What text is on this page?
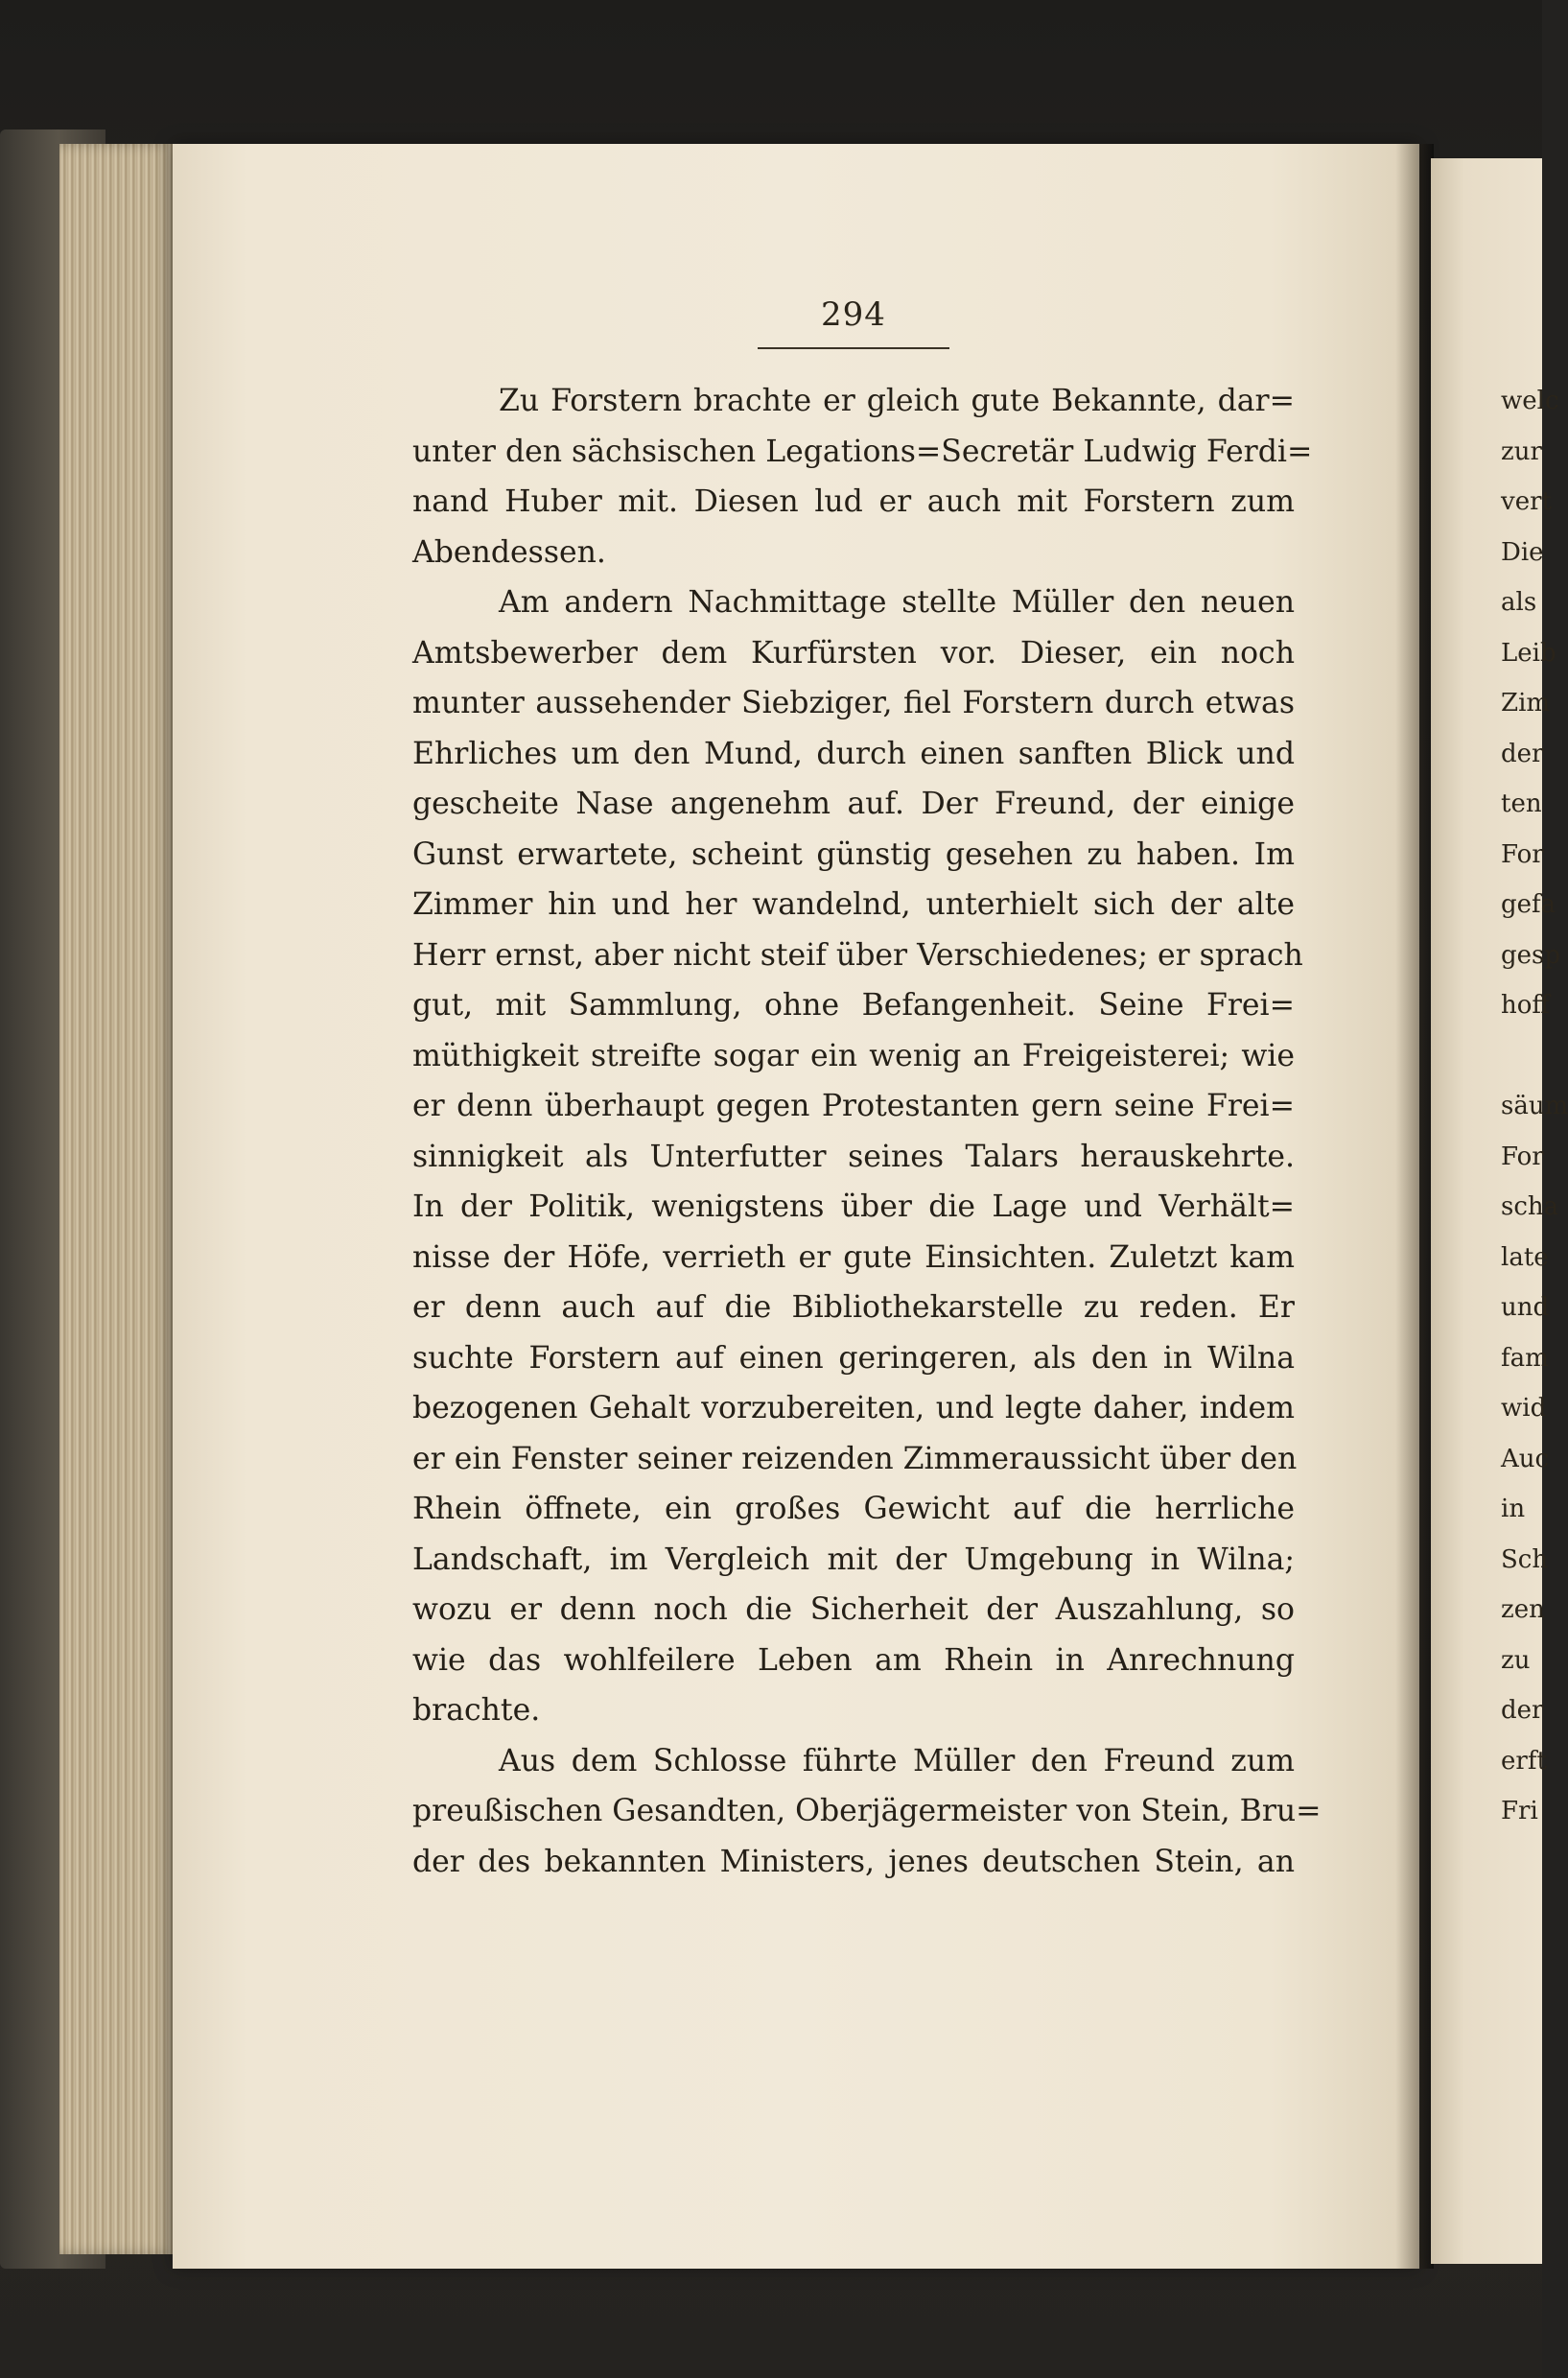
294
Zu Forstern brachte er gleich gute Bekannte, dar=
unter den sächsischen Legations=Secretär Ludwig Ferdi=
nand Huber mit. Diesen lud er auch mit Forstern zum
Abendessen.
Am andern Nachmittage stellte Müller den neuen
Amtsbewerber dem Kurfürsten vor. Dieser, ein noch
munter aussehender Siebziger, fiel Forstern durch etwas
Ehrliches um den Mund, durch einen sanften Blick und
gescheite Nase angenehm auf. Der Freund, der einige
Gunst erwartete, scheint günstig gesehen zu haben. Im
Zimmer hin und her wandelnd, unterhielt sich der alte
Herr ernst, aber nicht steif über Verschiedenes; er sprach
gut, mit Sammlung, ohne Befangenheit. Seine Frei=
müthigkeit streifte sogar ein wenig an Freigeisterei; wie
er denn überhaupt gegen Protestanten gern seine Frei=
sinnigkeit als Unterfutter seines Talars herauskehrte.
In der Politik, wenigstens über die Lage und Verhält=
nisse der Höfe, verrieth er gute Einsichten. Zuletzt kam
er denn auch auf die Bibliothekarstelle zu reden. Er
suchte Forstern auf einen geringeren, als den in Wilna
bezogenen Gehalt vorzubereiten, und legte daher, indem
er ein Fenster seiner reizenden Zimmeraussicht über den
Rhein öffnete, ein großes Gewicht auf die herrliche
Landschaft, im Vergleich mit der Umgebung in Wilna;
wozu er denn noch die Sicherheit der Auszahlung, so
wie das wohlfeilere Leben am Rhein in Anrechnung
brachte.
Aus dem Schlosse führte Müller den Freund zum
preußischen Gesandten, Oberjägermeister von Stein, Bru=
der des bekannten Ministers, jenes deutschen Stein, an
welc
zur
vert
Die
als
Leib
Zim
der
ten
For
gefa
gesp
hoff
säum
For
scha
late
und
fam
wid
Auc
in
Sch
zen
zu
der
erft
Fri
